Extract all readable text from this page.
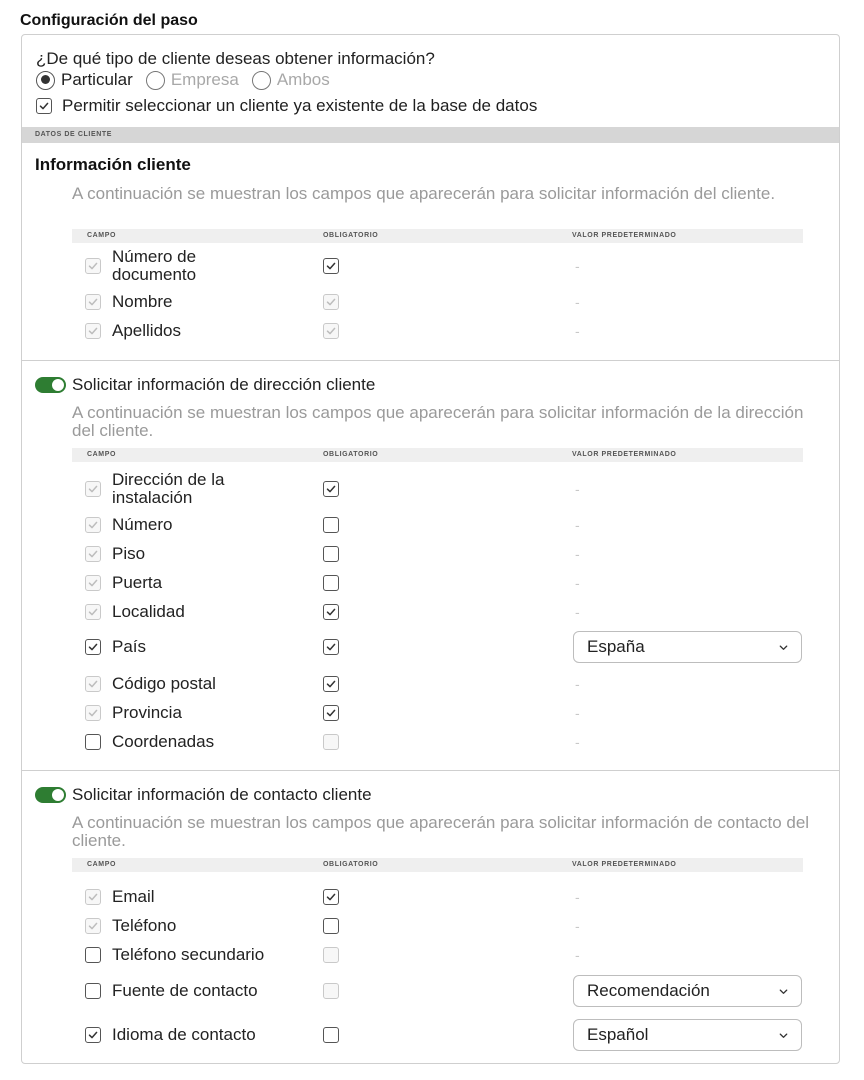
Configuración del paso
¿De qué tipo de cliente deseas obtener información?
Particular Empresa Ambos
Permitir seleccionar un cliente ya existente de la base de datos
DATOS DE CLIENTE
Información cliente
A continuación se muestran los campos que aparecerán para solicitar información del cliente.
CAMPO	OBLIGATORIO	VALOR PREDETERMINADO
Número de documento	-
Nombre	-
Apellidos	-
Solicitar información de dirección cliente
A continuación se muestran los campos que aparecerán para solicitar información de la dirección del cliente.
CAMPO	OBLIGATORIO	VALOR PREDETERMINADO
Dirección de la instalación	-
Número	-
Piso	-
Puerta	-
Localidad	-
País	España
Código postal	-
Provincia	-
Coordenadas	-
Solicitar información de contacto cliente
A continuación se muestran los campos que aparecerán para solicitar información de contacto del cliente.
CAMPO	OBLIGATORIO	VALOR PREDETERMINADO
Email	-
Teléfono	-
Teléfono secundario	-
Fuente de contacto	Recomendación
Idioma de contacto	Español
